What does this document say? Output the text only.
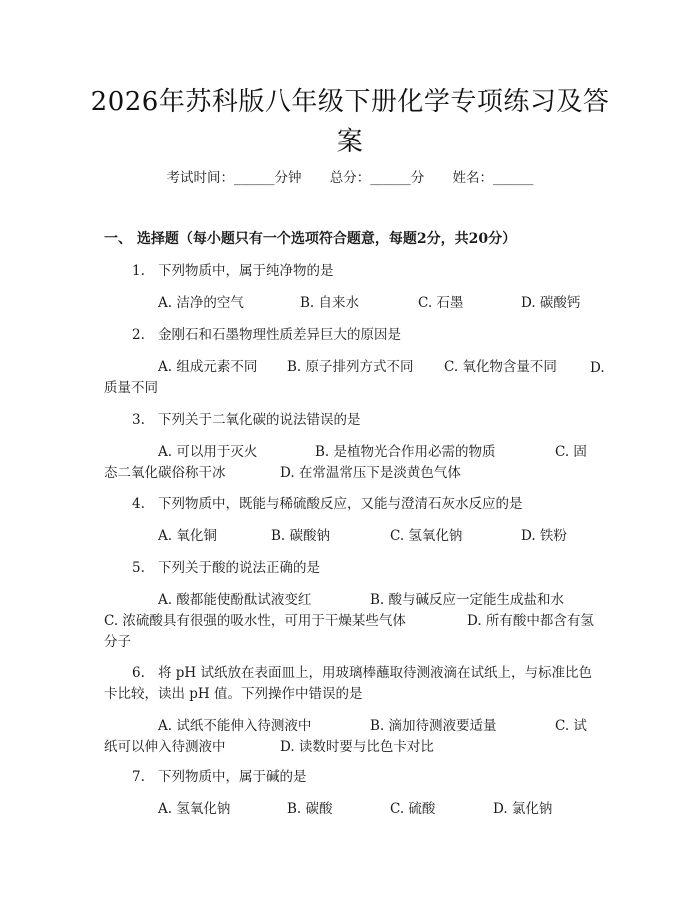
2026年苏科版八年级下册化学专项练习及答案
考试时间：______分钟 总分：______分 姓名：______
一、 选择题（每小题只有一个选项符合题意，每题2分，共20分）
1. 下列物质中，属于纯净物的是
A. 洁净的空气	B. 自来水	C. 石墨	D. 碳酸钙
2. 金刚石和石墨物理性质差异巨大的原因是
A. 组成元素不同 B. 原子排列方式不同 C. 氧化物含量不同 D.
质量不同
3. 下列关于二氧化碳的说法错误的是
A. 可以用于灭火	B. 是植物光合作用必需的物质	C. 固
态二氧化碳俗称干冰	D. 在常温常压下是淡黄色气体
4. 下列物质中，既能与稀硫酸反应，又能与澄清石灰水反应的是
A. 氧化铜	B. 碳酸钠	C. 氢氧化钠	D. 铁粉
5. 下列关于酸的说法正确的是
A. 酸都能使酚酞试液变红	B. 酸与碱反应一定能生成盐和水
C. 浓硫酸具有很强的吸水性，可用于干燥某些气体	D. 所有酸中都含有氢
分子
6. 将 pH 试纸放在表面皿上，用玻璃棒蘸取待测液滴在试纸上，与标准比色
卡比较，读出 pH 值。下列操作中错误的是
A. 试纸不能伸入待测液中	B. 滴加待测液要适量	C. 试
纸可以伸入待测液中	D. 读数时要与比色卡对比
7. 下列物质中，属于碱的是
A. 氢氧化钠	B. 碳酸	C. 硫酸	D. 氯化钠
